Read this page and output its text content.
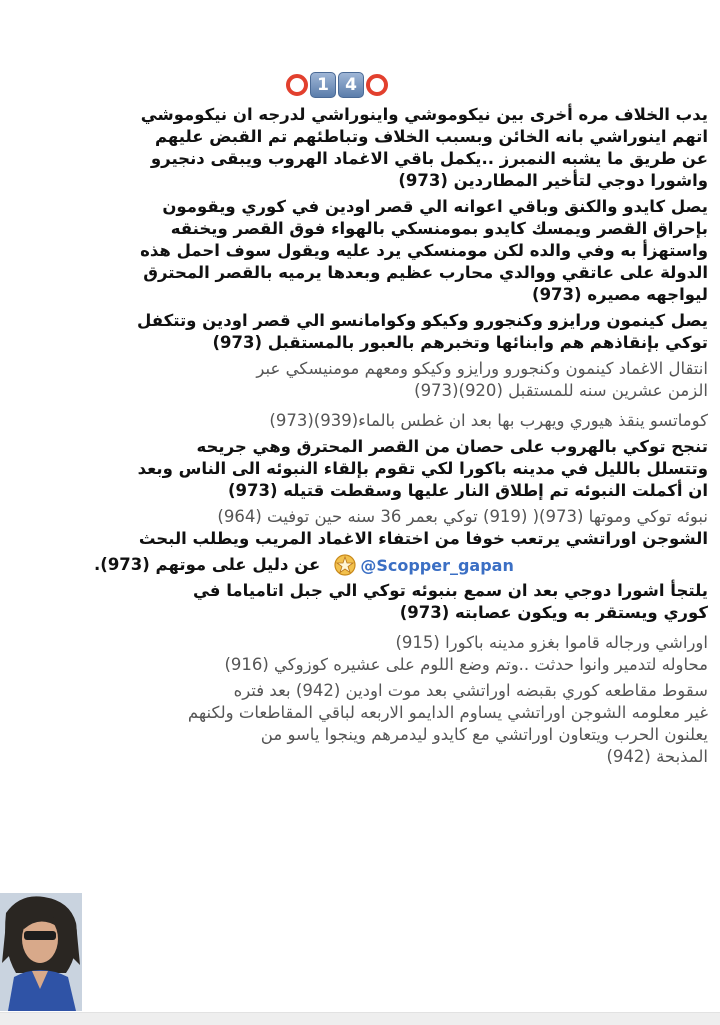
1 4
يدب الخلاف مره أخرى بين نيكوموشي واينوراشي لدرجه ان نيكوموشي
اتهم اينوراشي بانه الخائن وبسبب الخلاف وتباطئهم تم القبض عليهم
عن طريق ما يشبه النمبرز ..يكمل باقي الاغماد الهروب ويبقى دنجيرو
واشورا دوجي لتأخير المطاردين (973)
يصل كايدو والكنق وباقي اعوانه الي قصر اودين في كوري ويقومون
بإحراق القصر ويمسك كايدو بمومنسكي بالهواء فوق القصر ويخنقه
واستهزأ به وفي والده لكن مومنسكي يرد عليه ويقول سوف احمل هذه
الدولة على عاتقي ووالدي محارب عظيم وبعدها يرميه بالقصر المحترق
ليواجهه مصيره (973)
يصل كينمون ورايزو وكنجورو وكيكو وكوامانسو الي قصر اودين وتتكفل
توكي بإنقاذهم هم وابنائها وتخبرهم بالعبور بالمستقبل (973)
انتقال الاغماد كينمون وكنجورو ورايزو وكيكو ومعهم مومنيسكي عبر
الزمن عشرين سنه للمستقبل (920)(973)
كوماتسو ينقذ هيوري ويهرب بها بعد ان غطس بالماء(939)(973)
تنجح توكي بالهروب على حصان من القصر المحترق وهي جريحه
وتتسلل بالليل في مدينه باكورا لكي تقوم بإلقاء النبوئه الى الناس وبعد
ان أكملت النبوئه تم إطلاق النار عليها وسقطت قتيله (973)
نبوئه توكي وموتها (973)( (919) توكي بعمر 36 سنه حين توفيت (964)
الشوجن اوراتشي يرتعب خوفا من اختفاء الاغماد المريب ويطلب البحث
عن دليل على موتهم (973).	@Scopper_gapan
يلتجأ اشورا دوجي بعد ان سمع بنبوئه توكي الي جبل اتامياما في
كوري ويستقر به ويكون عصابته (973)
اوراشي ورجاله قاموا بغزو مدينه باكورا (915)
محاوله لتدمير وانوا حدثت ..وتم وضع اللوم على عشيره كوزوكي (916)
سقوط مقاطعه كوري بقبضه اوراتشي بعد موت اودين (942) بعد فتره
غير معلومه الشوجن اوراتشي يساوم الدايمو الاربعه لباقي المقاطعات ولكنهم
يعلنون الحرب ويتعاون اوراتشي مع كايدو ليدمرهم وينجوا ياسو من
المذبحة (942)
